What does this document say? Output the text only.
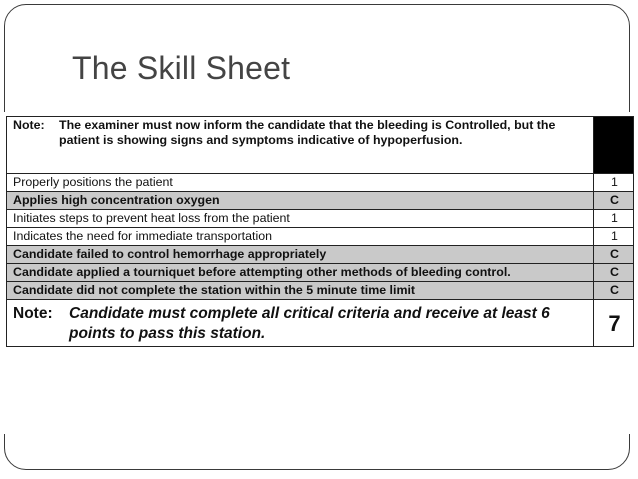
The Skill Sheet
Note: The examiner must now inform the candidate that the bleeding is Controlled, but the patient is showing signs and symptoms indicative of hypoperfusion.	

Properly positions the patient	1
Applies high concentration oxygen	C
Initiates steps to prevent heat loss from the patient	1
Indicates the need for immediate transportation	1
Candidate failed to control hemorrhage appropriately	C
Candidate applied a tourniquet before attempting other methods of bleeding control.	C
Candidate did not complete the station within the 5 minute time limit	C

Note: Candidate must complete all critical criteria and receive at least 6 points to pass this station.	7
